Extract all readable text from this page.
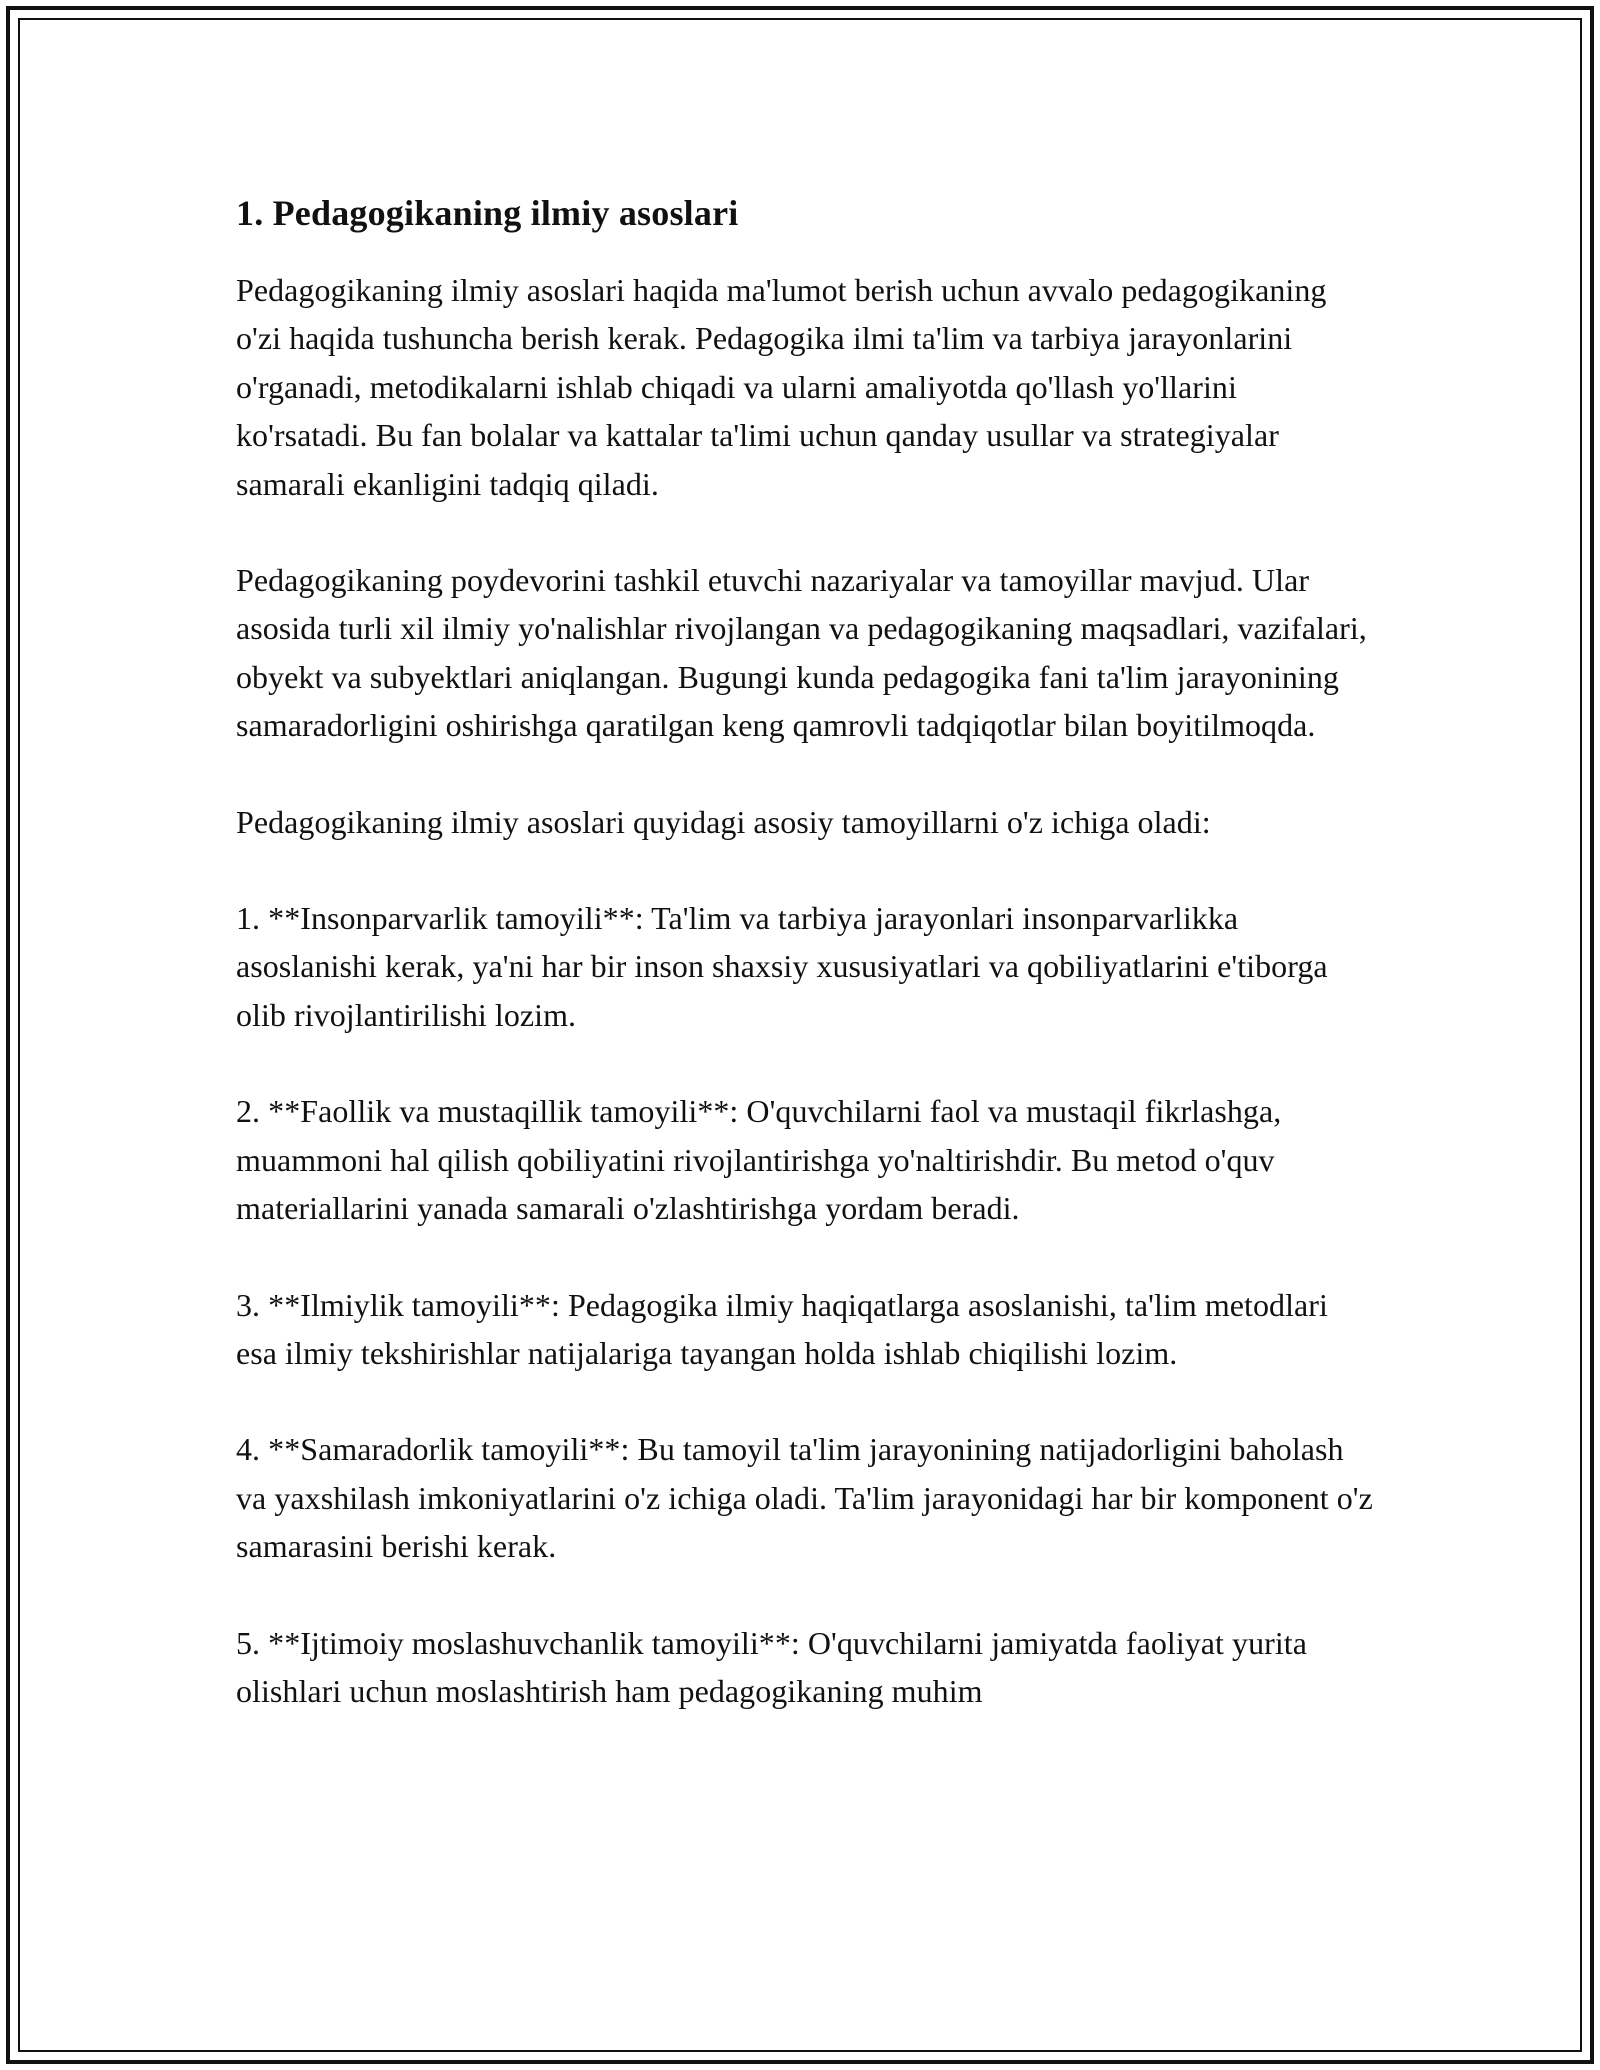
1. Pedagogikaning ilmiy asoslari

Pedagogikaning ilmiy asoslari haqida ma'lumot berish uchun avvalo pedagogikaning o'zi haqida tushuncha berish kerak. Pedagogika ilmi ta'lim va tarbiya jarayonlarini o'rganadi, metodikalarni ishlab chiqadi va ularni amaliyotda qo'llash yo'llarini ko'rsatadi. Bu fan bolalar va kattalar ta'limi uchun qanday usullar va strategiyalar samarali ekanligini tadqiq qiladi.

Pedagogikaning poydevorini tashkil etuvchi nazariyalar va tamoyillar mavjud. Ular asosida turli xil ilmiy yo'nalishlar rivojlangan va pedagogikaning maqsadlari, vazifalari, obyekt va subyektlari aniqlangan. Bugungi kunda pedagogika fani ta'lim jarayonining samaradorligini oshirishga qaratilgan keng qamrovli tadqiqotlar bilan boyitilmoqda.

Pedagogikaning ilmiy asoslari quyidagi asosiy tamoyillarni o'z ichiga oladi:

1. **Insonparvarlik tamoyili**: Ta'lim va tarbiya jarayonlari insonparvarlikka asoslanishi kerak, ya'ni har bir inson shaxsiy xususiyatlari va qobiliyatlarini e'tiborga olib rivojlantirilishi lozim.

2. **Faollik va mustaqillik tamoyili**: O'quvchilarni faol va mustaqil fikrlashga, muammoni hal qilish qobiliyatini rivojlantirishga yo'naltirishdir. Bu metod o'quv materiallarini yanada samarali o'zlashtirishga yordam beradi.

3. **Ilmiylik tamoyili**: Pedagogika ilmiy haqiqatlarga asoslanishi, ta'lim metodlari esa ilmiy tekshirishlar natijalariga tayangan holda ishlab chiqilishi lozim.

4. **Samaradorlik tamoyili**: Bu tamoyil ta'lim jarayonining natijadorligini baholash va yaxshilash imkoniyatlarini o'z ichiga oladi. Ta'lim jarayonidagi har bir komponent o'z samarasini berishi kerak.

5. **Ijtimoiy moslashuvchanlik tamoyili**: O'quvchilarni jamiyatda faoliyat yurita olishlari uchun moslashtirish ham pedagogikaning muhim
